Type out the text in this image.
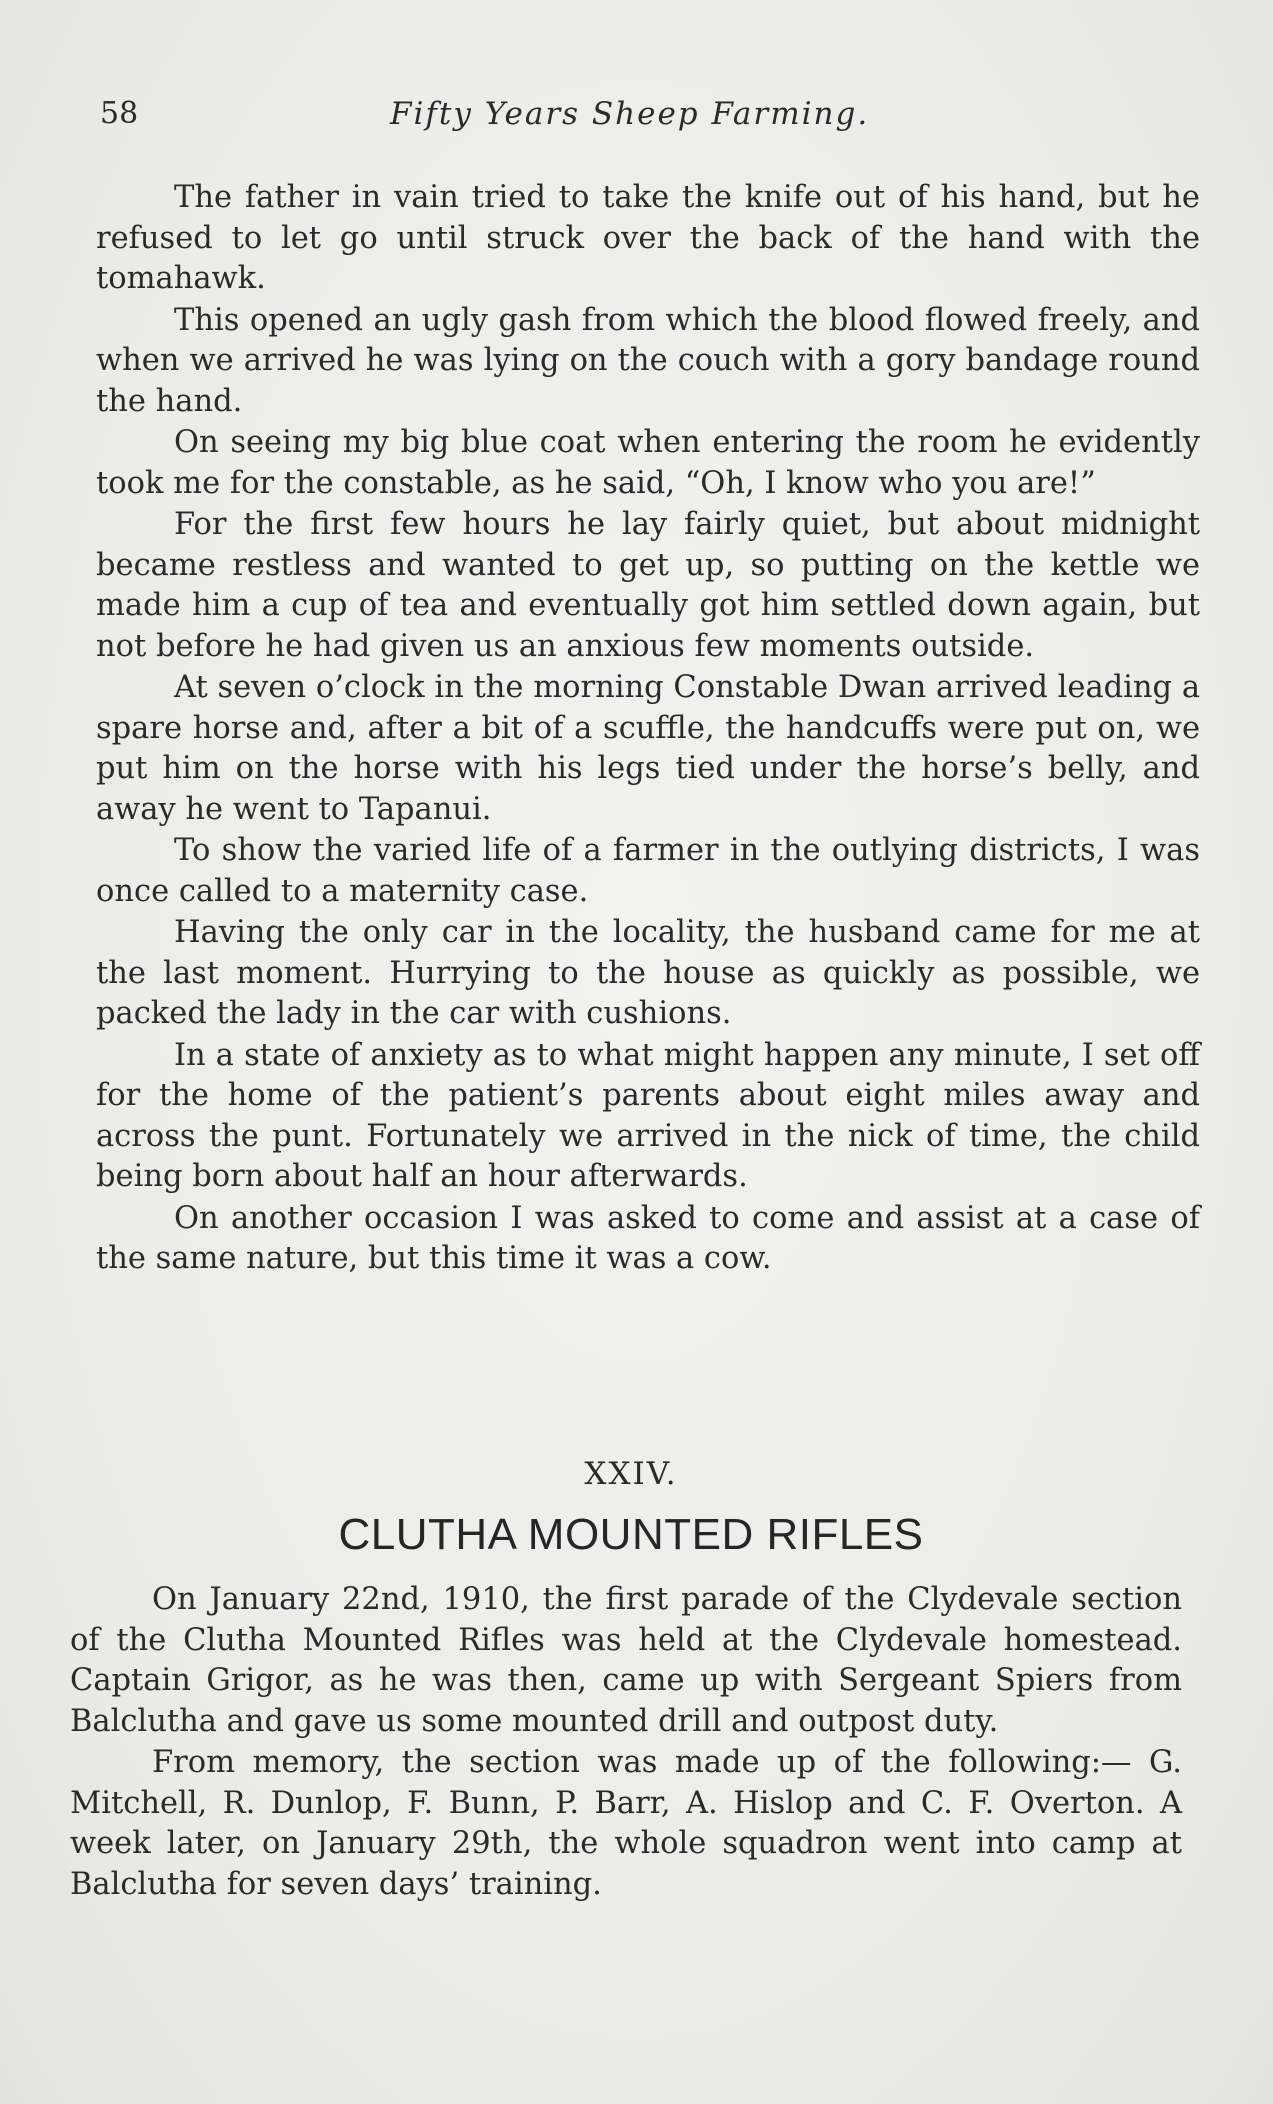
58	Fifty Years Sheep Farming.

The father in vain tried to take the knife out of his hand, but he refused to let go until struck over the back of the hand with the tomahawk.

This opened an ugly gash from which the blood flowed freely, and when we arrived he was lying on the couch with a gory bandage round the hand.

On seeing my big blue coat when entering the room he evidently took me for the constable, as he said, “Oh, I know who you are!”

For the first few hours he lay fairly quiet, but about midnight became restless and wanted to get up, so putting on the kettle we made him a cup of tea and eventually got him settled down again, but not before he had given us an anxious few moments outside.

At seven o’clock in the morning Constable Dwan arrived leading a spare horse and, after a bit of a scuffle, the handcuffs were put on, we put him on the horse with his legs tied under the horse’s belly, and away he went to Tapanui.

To show the varied life of a farmer in the outlying districts, I was once called to a maternity case.

Having the only car in the locality, the husband came for me at the last moment. Hurrying to the house as quickly as possible, we packed the lady in the car with cushions.

In a state of anxiety as to what might happen any minute, I set off for the home of the patient’s parents about eight miles away and across the punt. Fortunately we arrived in the nick of time, the child being born about half an hour afterwards.

On another occasion I was asked to come and assist at a case of the same nature, but this time it was a cow.

XXIV.
CLUTHA MOUNTED RIFLES

On January 22nd, 1910, the first parade of the Clydevale section of the Clutha Mounted Rifles was held at the Clydevale homestead. Captain Grigor, as he was then, came up with Sergeant Spiers from Balclutha and gave us some mounted drill and outpost duty.

From memory, the section was made up of the following:— G. Mitchell, R. Dunlop, F. Bunn, P. Barr, A. Hislop and C. F. Overton. A week later, on January 29th, the whole squadron went into camp at Balclutha for seven days’ training.
